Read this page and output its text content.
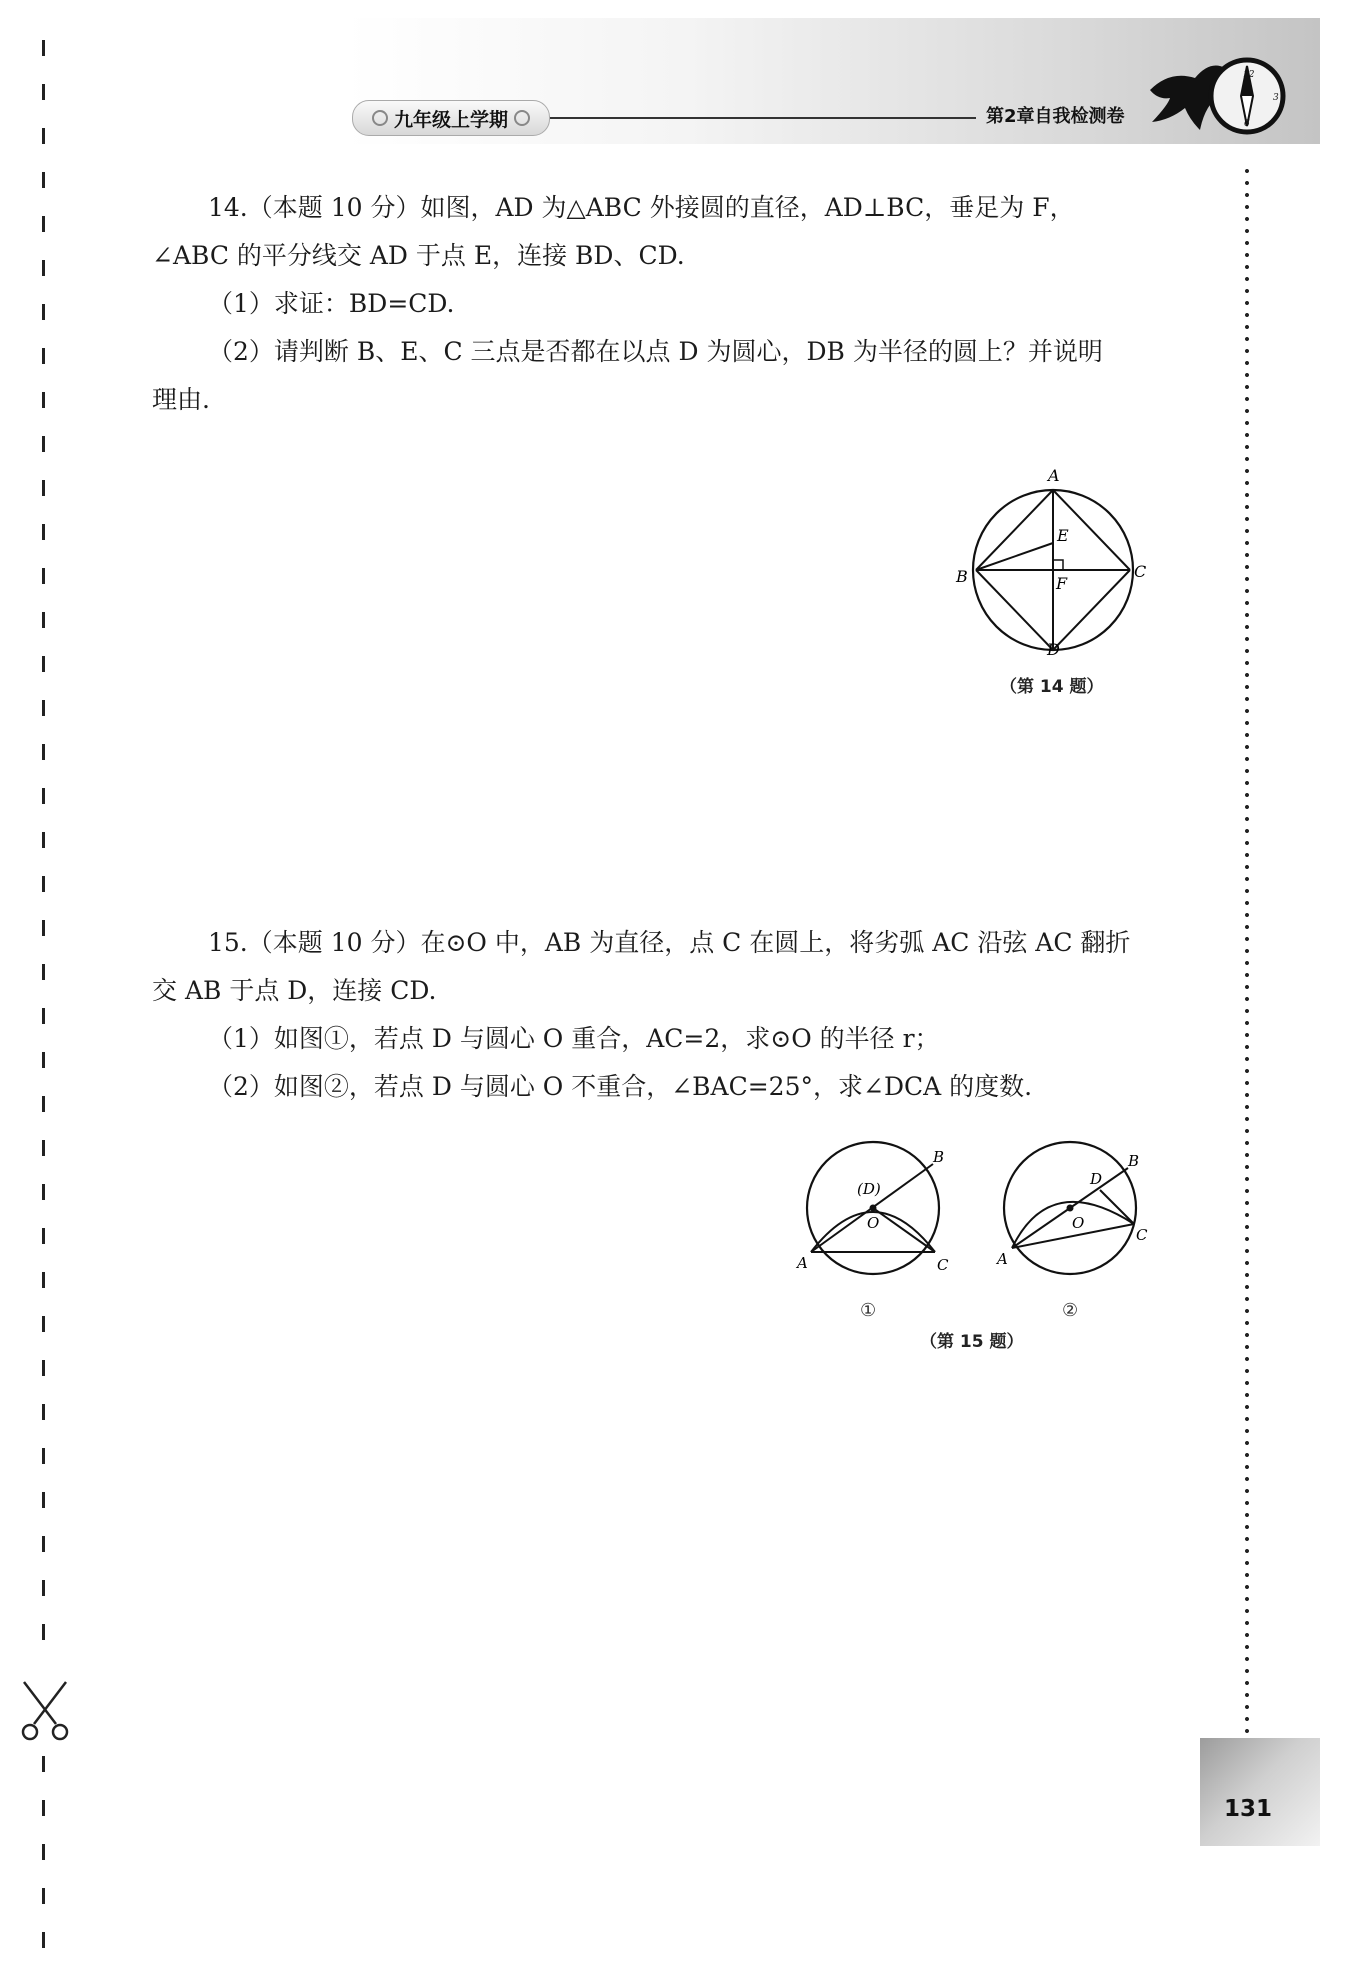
九年级上学期	第2章自我检测卷
12
3
6
14.（本题 10 分）如图，AD 为△ABC 外接圆的直径，AD⊥BC，垂足为 F，
∠ABC 的平分线交 AD 于点 E，连接 BD、CD.
（1）求证：BD=CD.
（2）请判断 B、E、C 三点是否都在以点 D 为圆心，DB 为半径的圆上？并说明
理由.
A
B	C
E
F
D
（第 14 题）
15.（本题 10 分）在⊙O 中，AB 为直径，点 C 在圆上，将劣弧 AC 沿弦 AC 翻折
交 AB 于点 D，连接 CD.
（1）如图①，若点 D 与圆心 O 重合，AC=2，求⊙O 的半径 r；
（2）如图②，若点 D 与圆心 O 不重合，∠BAC=25°，求∠DCA 的度数.
A
B
C
(D)
O
A
B
C
D
O
①	②
（第 15 题）
131
